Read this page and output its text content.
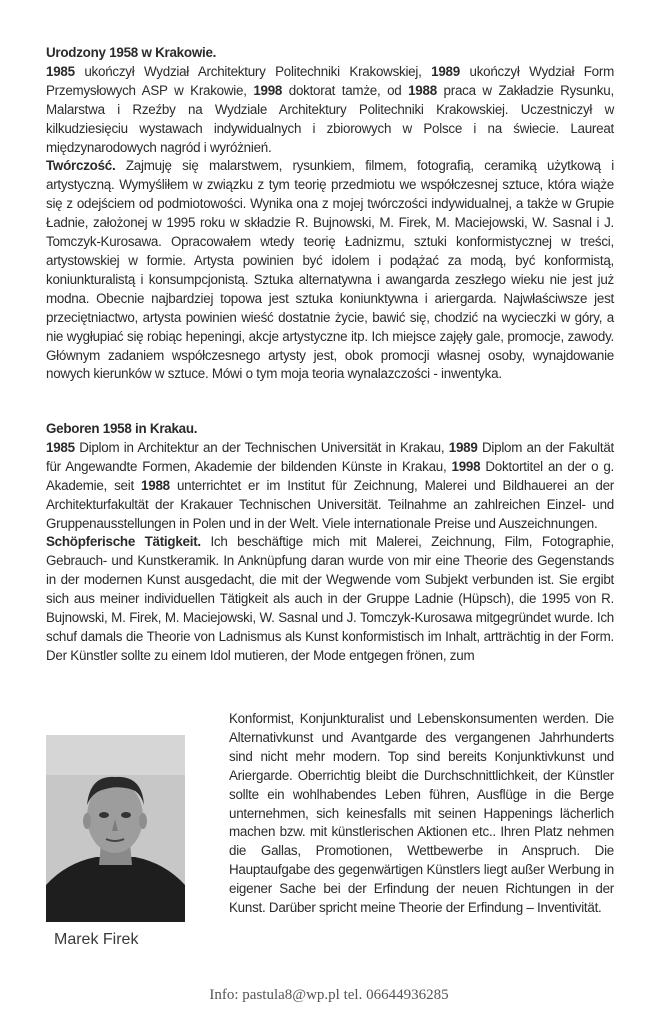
Urodzony 1958 w Krakowie.

1985 ukończył Wydział Architektury Politechniki Krakowskiej, 1989 ukończył Wydział Form Przemysłowych ASP w Krakowie, 1998 doktorat tamże, od 1988 praca w Zakładzie Rysunku, Malarstwa i Rzeźby na Wydziale Architektury Politechniki Krakowskiej. Uczestniczył w kilkudziesięciu wystawach indywidualnych i zbiorowych w Polsce i na świecie. Laureat międzynarodowych nagród i wyróżnień.

Twórczość. Zajmuję się malarstwem, rysunkiem, filmem, fotografią, ceramiką użytkową i artystyczną. Wymyśliłem w związku z tym teorię przedmiotu we współczesnej sztuce, która wiąże się z odejściem od podmiotowości. Wynika ona z mojej twórczości indywidualnej, a także w Grupie Ładnie, założonej w 1995 roku w składzie R. Bujnowski, M. Firek, M. Maciejowski, W. Sasnal i J. Tomczyk-Kurosawa. Opracowałem wtedy teorię Ładnizmu, sztuki konformistycznej w treści, artystowskiej w formie. Artysta powinien być idolem i podążać za modą, być konformistą, koniunkturalistą i konsumpcjonistą. Sztuka alternatywna i awangarda zeszłego wieku nie jest już modna. Obecnie najbardziej topowa jest sztuka koniunktywna i ariergarda. Najwłaściwsze jest przeciętniactwo, artysta powinien wieść dostatnie życie, bawić się, chodzić na wycieczki w góry, a nie wygłupiać się robiąc hepeningi, akcje artystyczne itp. Ich miejsce zajęły gale, promocje, zawody. Głównym zadaniem współczesnego artysty jest, obok promocji własnej osoby, wynajdowanie nowych kierunków w sztuce. Mówi o tym moja teoria wynalazczości - inwentyka.

Geboren 1958 in Krakau.

1985 Diplom in Architektur an der Technischen Universität in Krakau, 1989 Diplom an der Fakultät für Angewandte Formen, Akademie der bildenden Künste in Krakau, 1998 Doktortitel an der o g. Akademie, seit 1988 unterrichtet er im Institut für Zeichnung, Malerei und Bildhauerei an der Architekturfakultät der Krakauer Technischen Universität. Teilnahme an zahlreichen Einzel- und Gruppenausstellungen in Polen und in der Welt. Viele internationale Preise und Auszeichnungen.

Schöpferische Tätigkeit. Ich beschäftige mich mit Malerei, Zeichnung, Film, Fotographie, Gebrauch- und Kunstkeramik. In Anknüpfung daran wurde von mir eine Theorie des Gegenstands in der modernen Kunst ausgedacht, die mit der Wegwende vom Subjekt verbunden ist. Sie ergibt sich aus meiner individuellen Tätigkeit als auch in der Gruppe Ladnie (Hüpsch), die 1995 von R. Bujnowski, M. Firek, M. Maciejowski, W. Sasnal und J. Tomczyk-Kurosawa mitgegründet wurde. Ich schuf damals die Theorie von Ladnismus als Kunst konformistisch im Inhalt, artträchtig in der Form. Der Künstler sollte zu einem Idol mutieren, der Mode entgegen frönen, zum

Konformist, Konjunkturalist und Lebenskonsumenten werden. Die Alternativkunst und Avantgarde des vergangenen Jahrhunderts sind nicht mehr modern. Top sind bereits Konjunktivkunst und Ariergarde. Oberrichtig bleibt die Durchschnittlichkeit, der Künstler sollte ein wohlhabendes Leben führen, Ausflüge in die Berge unternehmen, sich keinesfalls mit seinen Happenings lächerlich machen bzw. mit künstlerischen Aktionen etc.. Ihren Platz nehmen die Gallas, Promotionen, Wettbewerbe in Anspruch. Die Hauptaufgabe des gegenwärtigen Künstlers liegt außer Werbung in eigener Sache bei der Erfindung der neuen Richtungen in der Kunst. Darüber spricht meine Theorie der Erfindung – Inventivität.
Marek Firek
Info: pastula8@wp.pl tel. 06644936285
